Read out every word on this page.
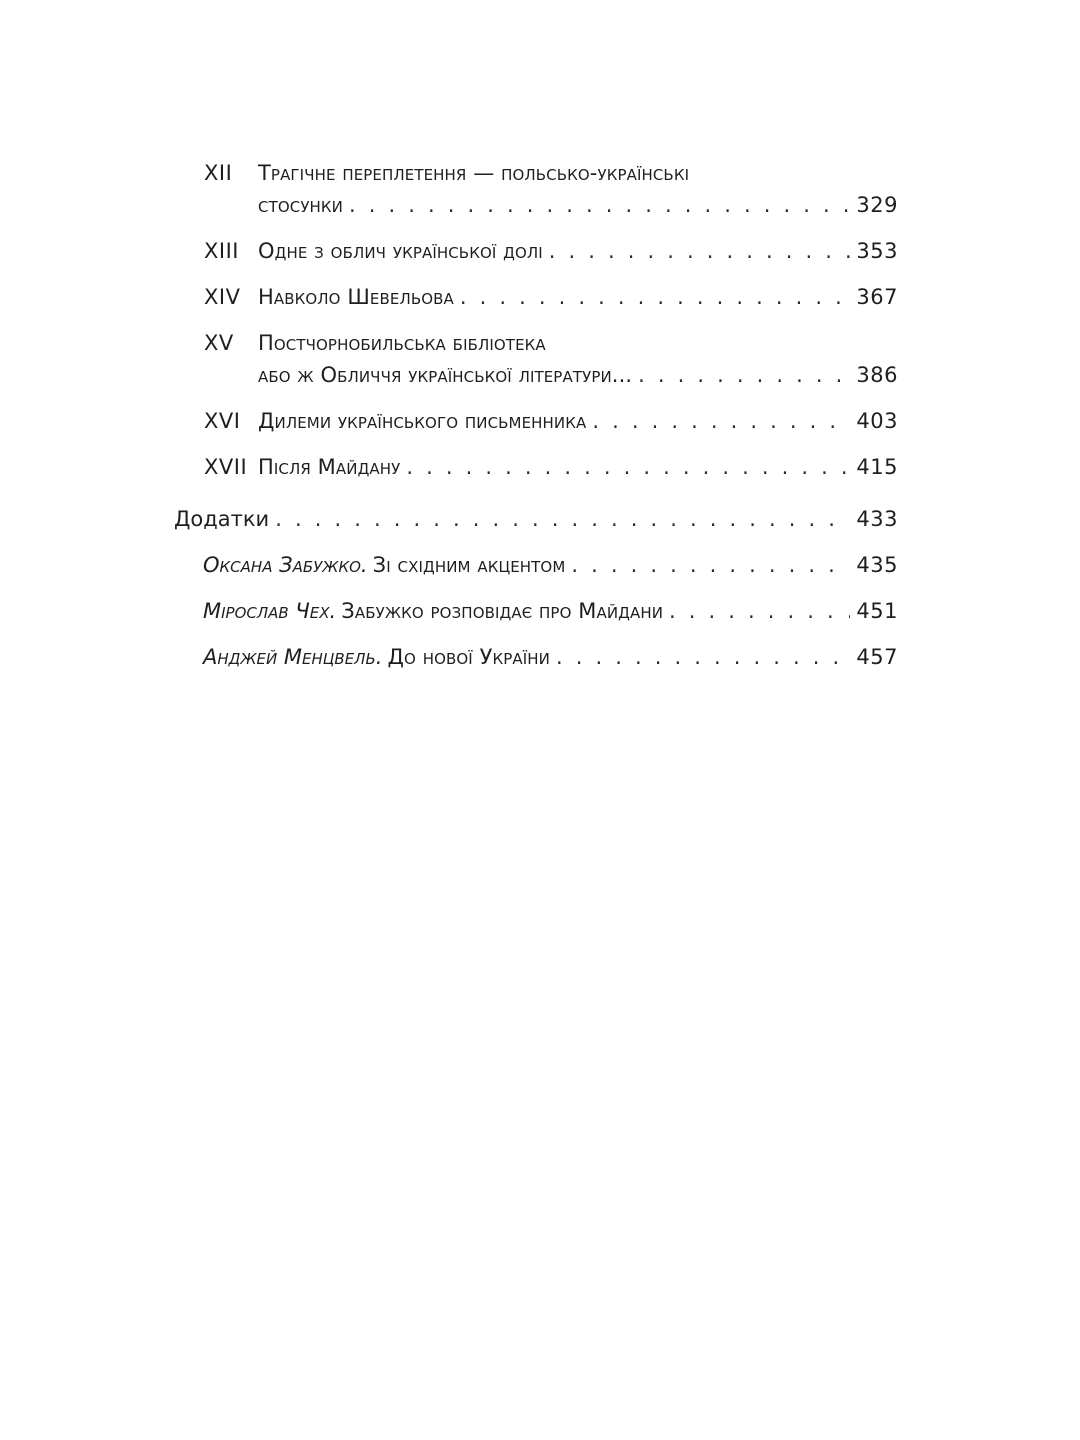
XII Трагічне переплетення — польсько-українські
стосунки . . .	329
XIII Одне з облич української долі . . .	353
XIV Навколо Шевельова . . .	367
XV Постчорнобильська бібліотека
або ж Обличчя української літератури... . . .	386
XVI Дилеми українського письменника . . .	403
XVII Після Майдану . . .	415
Додатки . . .	433
Оксана Забужко.
Зі східним акцентом . . .	435
Мірослав Чех.
Забужко розповідає про Майдани . . .	451
Анджей Менцвель.
До нової України . . .	457
